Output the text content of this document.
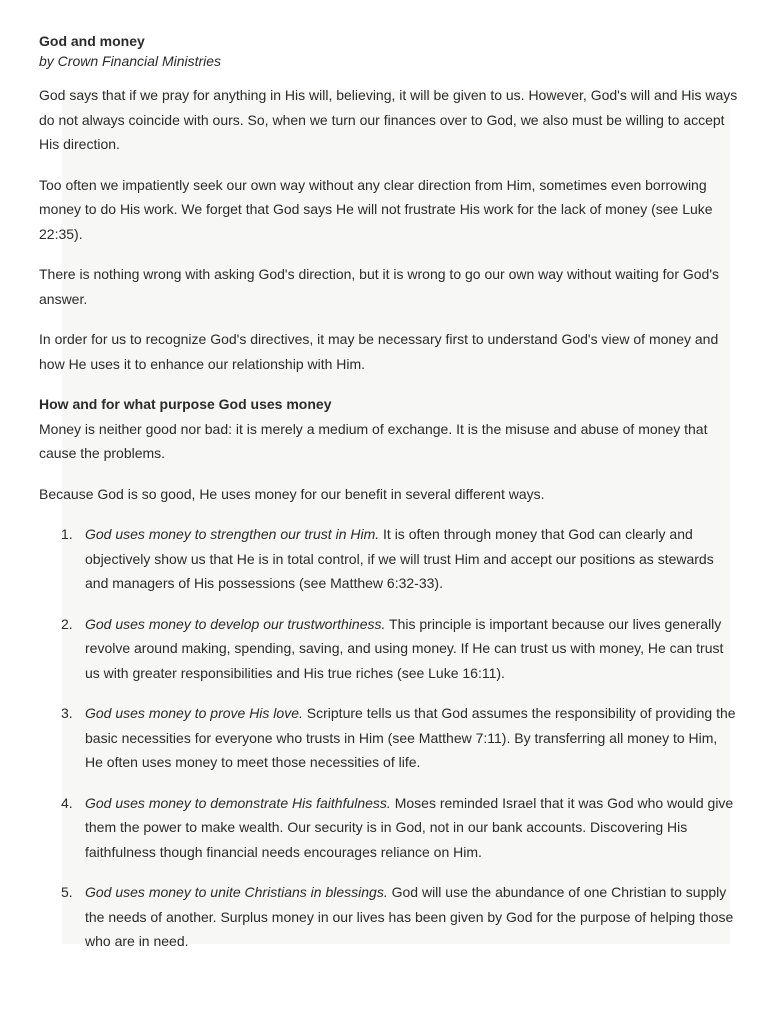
God and money
by Crown Financial Ministries

God says that if we pray for anything in His will, believing, it will be given to us. However, God's will and His ways do not always coincide with ours. So, when we turn our finances over to God, we also must be willing to accept His direction.

Too often we impatiently seek our own way without any clear direction from Him, sometimes even borrowing money to do His work. We forget that God says He will not frustrate His work for the lack of money (see Luke 22:35).

There is nothing wrong with asking God's direction, but it is wrong to go our own way without waiting for God's answer.

In order for us to recognize God's directives, it may be necessary first to understand God's view of money and how He uses it to enhance our relationship with Him.

How and for what purpose God uses money
Money is neither good nor bad: it is merely a medium of exchange. It is the misuse and abuse of money that cause the problems.

Because God is so good, He uses money for our benefit in several different ways.

1. God uses money to strengthen our trust in Him. It is often through money that God can clearly and objectively show us that He is in total control, if we will trust Him and accept our positions as stewards and managers of His possessions (see Matthew 6:32-33).
2. God uses money to develop our trustworthiness. This principle is important because our lives generally revolve around making, spending, saving, and using money. If He can trust us with money, He can trust us with greater responsibilities and His true riches (see Luke 16:11).
3. God uses money to prove His love. Scripture tells us that God assumes the responsibility of providing the basic necessities for everyone who trusts in Him (see Matthew 7:11). By transferring all money to Him, He often uses money to meet those necessities of life.
4. God uses money to demonstrate His faithfulness. Moses reminded Israel that it was God who would give them the power to make wealth. Our security is in God, not in our bank accounts. Discovering His faithfulness though financial needs encourages reliance on Him.
5. God uses money to unite Christians in blessings. God will use the abundance of one Christian to supply the needs of another. Surplus money in our lives has been given by God for the purpose of helping those who are in need.
